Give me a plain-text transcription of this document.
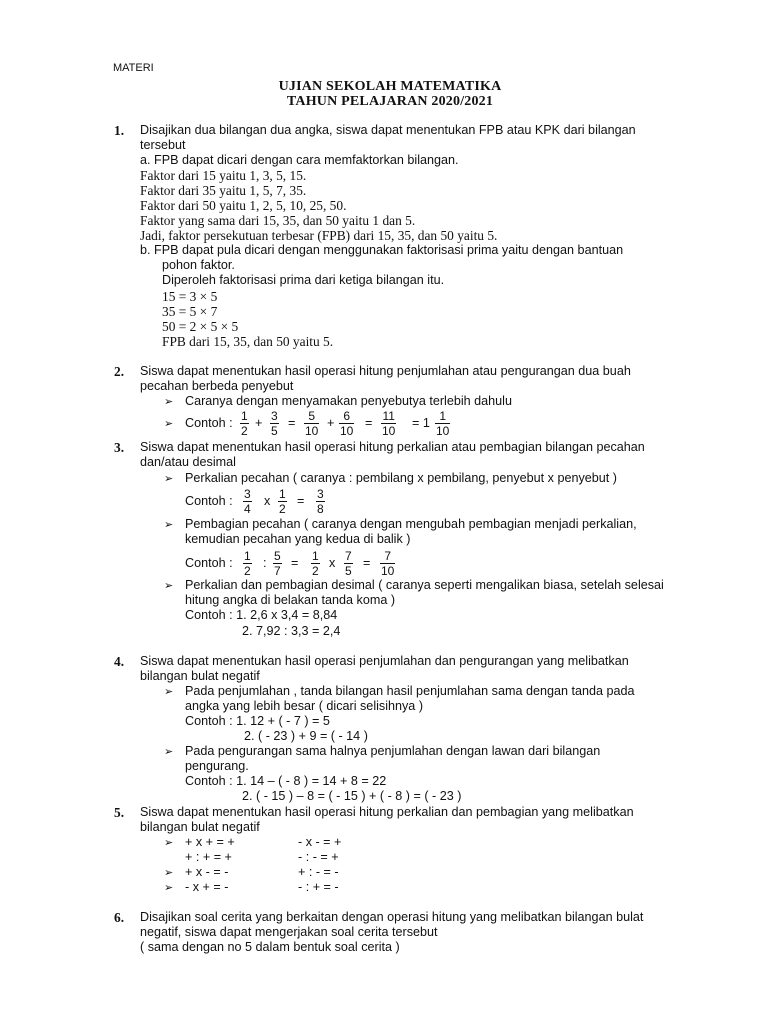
MATERI
UJIAN SEKOLAH MATEMATIKA
TAHUN PELAJARAN 2020/2021
1. Disajikan dua bilangan dua angka, siswa dapat menentukan FPB atau KPK dari bilangan
tersebut
a. FPB dapat dicari dengan cara memfaktorkan bilangan.
Faktor dari 15 yaitu 1, 3, 5, 15.
Faktor dari 35 yaitu 1, 5, 7, 35.
Faktor dari 50 yaitu 1, 2, 5, 10, 25, 50.
Faktor yang sama dari 15, 35, dan 50 yaitu 1 dan 5.
Jadi, faktor persekutuan terbesar (FPB) dari 15, 35, dan 50 yaitu 5.
b. FPB dapat pula dicari dengan menggunakan faktorisasi prima yaitu dengan bantuan
pohon faktor.
Diperoleh faktorisasi prima dari ketiga bilangan itu.
15 = 3 × 5
35 = 5 × 7
50 = 2 × 5 × 5
FPB dari 15, 35, dan 50 yaitu 5.
2. Siswa dapat menentukan hasil operasi hitung penjumlahan atau pengurangan dua buah
pecahan berbeda penyebut
➢ Caranya dengan menyamakan penyebutya terlebih dahulu
➢ Contoh : $\frac{1}{2} + \frac{3}{5} = \frac{5}{10} + \frac{6}{10} = \frac{11}{10} = 1 \frac{1}{10}$
3. Siswa dapat menentukan hasil operasi hitung perkalian atau pembagian bilangan pecahan
dan/atau desimal
➢ Perkalian pecahan ( caranya : pembilang x pembilang, penyebut x penyebut )
Contoh : $\frac{3}{4}$ x $\frac{1}{2} = \frac{3}{8}$
➢ Pembagian pecahan ( caranya dengan mengubah pembagian menjadi perkalian,
kemudian pecahan yang kedua di balik )
Contoh : $\frac{1}{2}$ : $\frac{5}{7} = \frac{1}{2}$ x $\frac{7}{5} = \frac{7}{10}$
➢ Perkalian dan pembagian desimal ( caranya seperti mengalikan biasa, setelah selesai
hitung angka di belakan tanda koma )
Contoh : 1. 2,6 x 3,4 = 8,84
2. 7,92 : 3,3 = 2,4
4. Siswa dapat menentukan hasil operasi penjumlahan dan pengurangan yang melibatkan
bilangan bulat negatif
➢ Pada penjumlahan , tanda bilangan hasil penjumlahan sama dengan tanda pada
angka yang lebih besar ( dicari selisihnya )
Contoh : 1. 12 + ( - 7 ) = 5
2. ( - 23 ) + 9 = ( - 14 )
➢ Pada pengurangan sama halnya penjumlahan dengan lawan dari bilangan
pengurang.
Contoh : 1. 14 – ( - 8 ) = 14 + 8 = 22
2. ( - 15 ) – 8 = ( - 15 ) + ( - 8 ) = ( - 23 )
5. Siswa dapat menentukan hasil operasi hitung perkalian dan pembagian yang melibatkan
bilangan bulat negatif
➢ + x + = +	- x - = +
+ : + = +	- : - = +
➢ + x - = -	+ : - = -
➢ - x + = -	- : + = -
6. Disajikan soal cerita yang berkaitan dengan operasi hitung yang melibatkan bilangan bulat
negatif, siswa dapat mengerjakan soal cerita tersebut
( sama dengan no 5 dalam bentuk soal cerita )
